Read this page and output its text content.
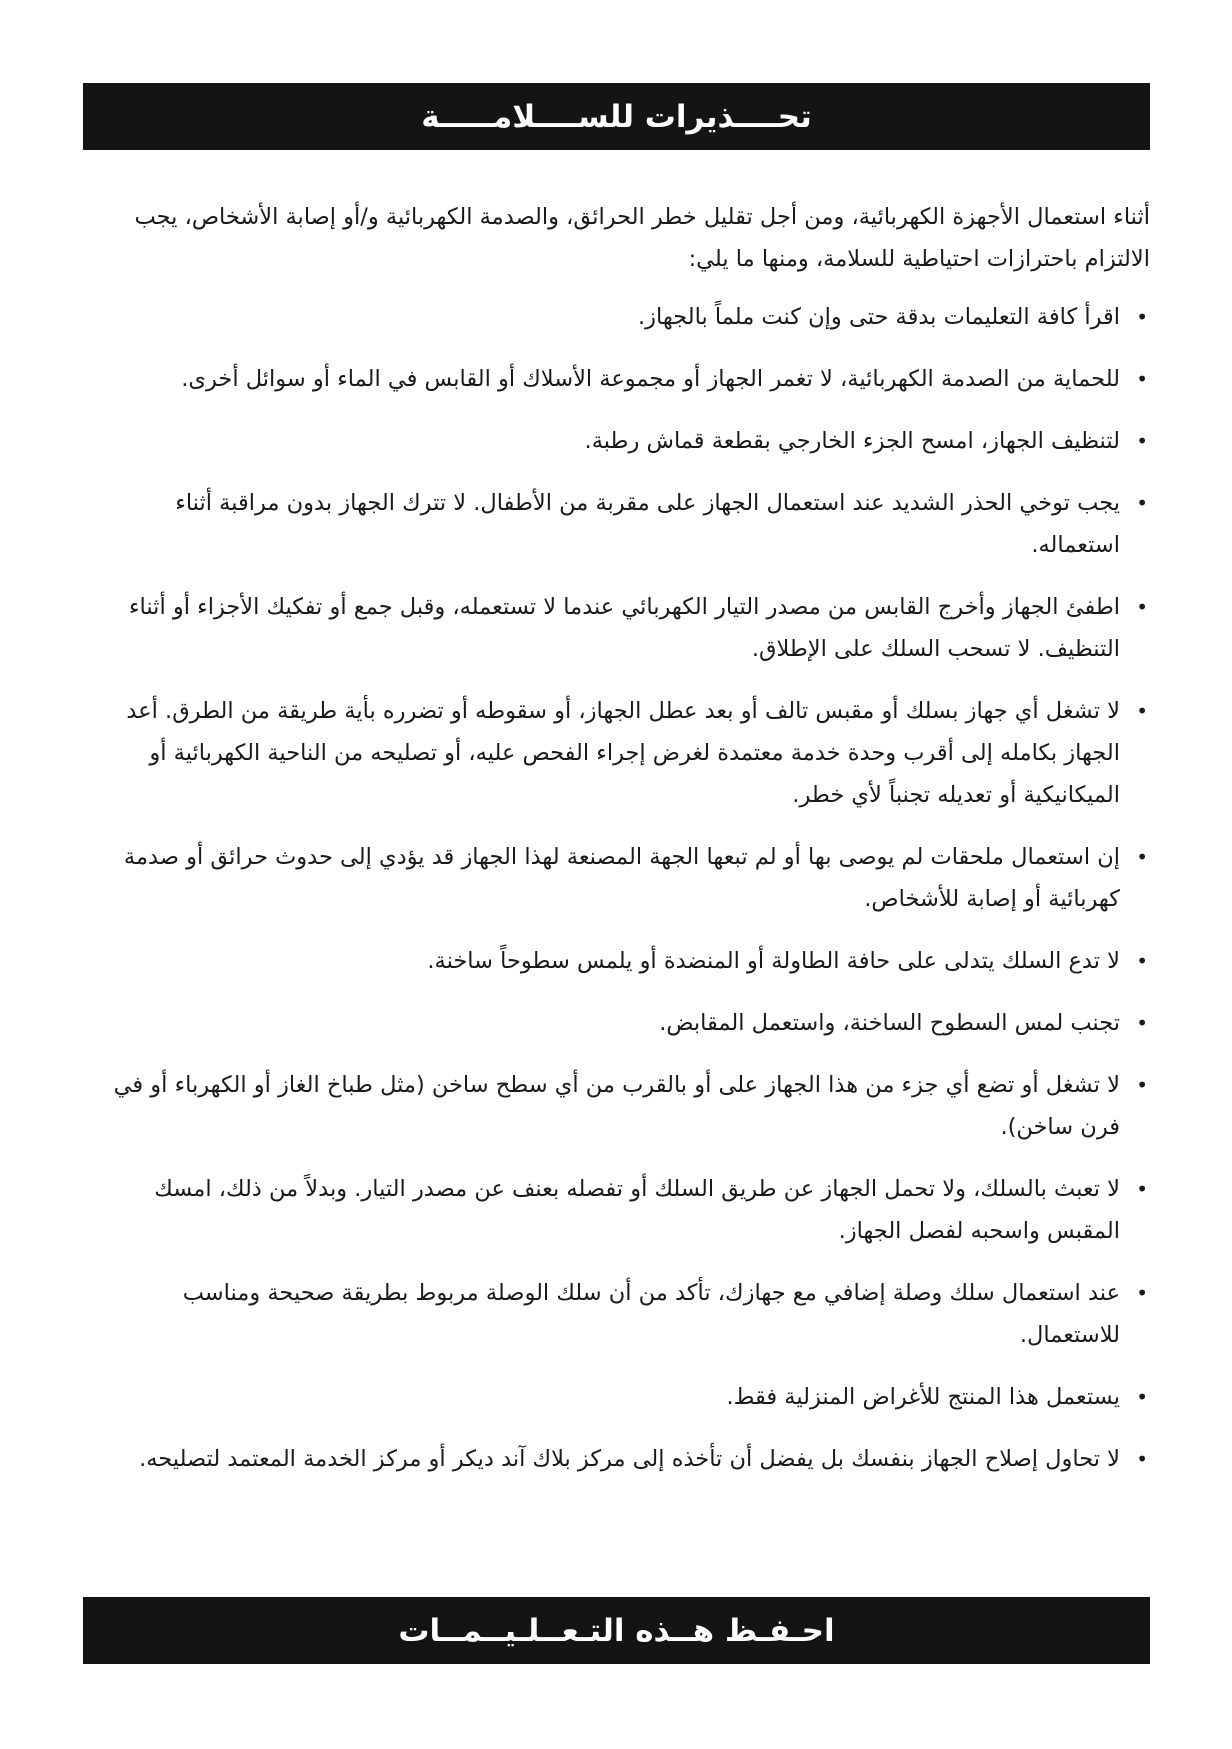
تحــــذيرات للســــلامـــــة

أثناء استعمال الأجهزة الكهربائية، ومن أجل تقليل خطر الحرائق، والصدمة الكهربائية و/أو إصابة الأشخاص، يجب الالتزام باحترازات احتياطية للسلامة، ومنها ما يلي:

•
اقرأ كافة التعليمات بدقة حتى وإن كنت ملماً بالجهاز.
•
للحماية من الصدمة الكهربائية، لا تغمر الجهاز أو مجموعة الأسلاك أو القابس في الماء أو سوائل أخرى.
•
لتنظيف الجهاز، امسح الجزء الخارجي بقطعة قماش رطبة.
•
يجب توخي الحذر الشديد عند استعمال الجهاز على مقربة من الأطفال. لا تترك الجهاز بدون مراقبة أثناء استعماله.
•
اطفئ الجهاز وأخرج القابس من مصدر التيار الكهربائي عندما لا تستعمله، وقبل جمع أو تفكيك الأجزاء أو أثناء التنظيف. لا تسحب السلك على الإطلاق.
•
لا تشغل أي جهاز بسلك أو مقبس تالف أو بعد عطل الجهاز، أو سقوطه أو تضرره بأية طريقة من الطرق. أعد الجهاز بكامله إلى أقرب وحدة خدمة معتمدة لغرض إجراء الفحص عليه، أو تصليحه من الناحية الكهربائية أو الميكانيكية أو تعديله تجنباً لأي خطر.
•
إن استعمال ملحقات لم يوصى بها أو لم تبعها الجهة المصنعة لهذا الجهاز قد يؤدي إلى حدوث حرائق أو صدمة كهربائية أو إصابة للأشخاص.
•
لا تدع السلك يتدلى على حافة الطاولة أو المنضدة أو يلمس سطوحاً ساخنة.
•
تجنب لمس السطوح الساخنة، واستعمل المقابض.
•
لا تشغل أو تضع أي جزء من هذا الجهاز على أو بالقرب من أي سطح ساخن (مثل طباخ الغاز أو الكهرباء أو في فرن ساخن).
•
لا تعبث بالسلك، ولا تحمل الجهاز عن طريق السلك أو تفصله بعنف عن مصدر التيار. وبدلاً من ذلك، امسك المقبس واسحبه لفصل الجهاز.
•
عند استعمال سلك وصلة إضافي مع جهازك، تأكد من أن سلك الوصلة مربوط بطريقة صحيحة ومناسب للاستعمال.
•
يستعمل هذا المنتج للأغراض المنزلية فقط.
•
لا تحاول إصلاح الجهاز بنفسك بل يفضل أن تأخذه إلى مركز بلاك آند ديكر أو مركز الخدمة المعتمد لتصليحه.
احـفـظ هــذه التـعــلـيــمــات
